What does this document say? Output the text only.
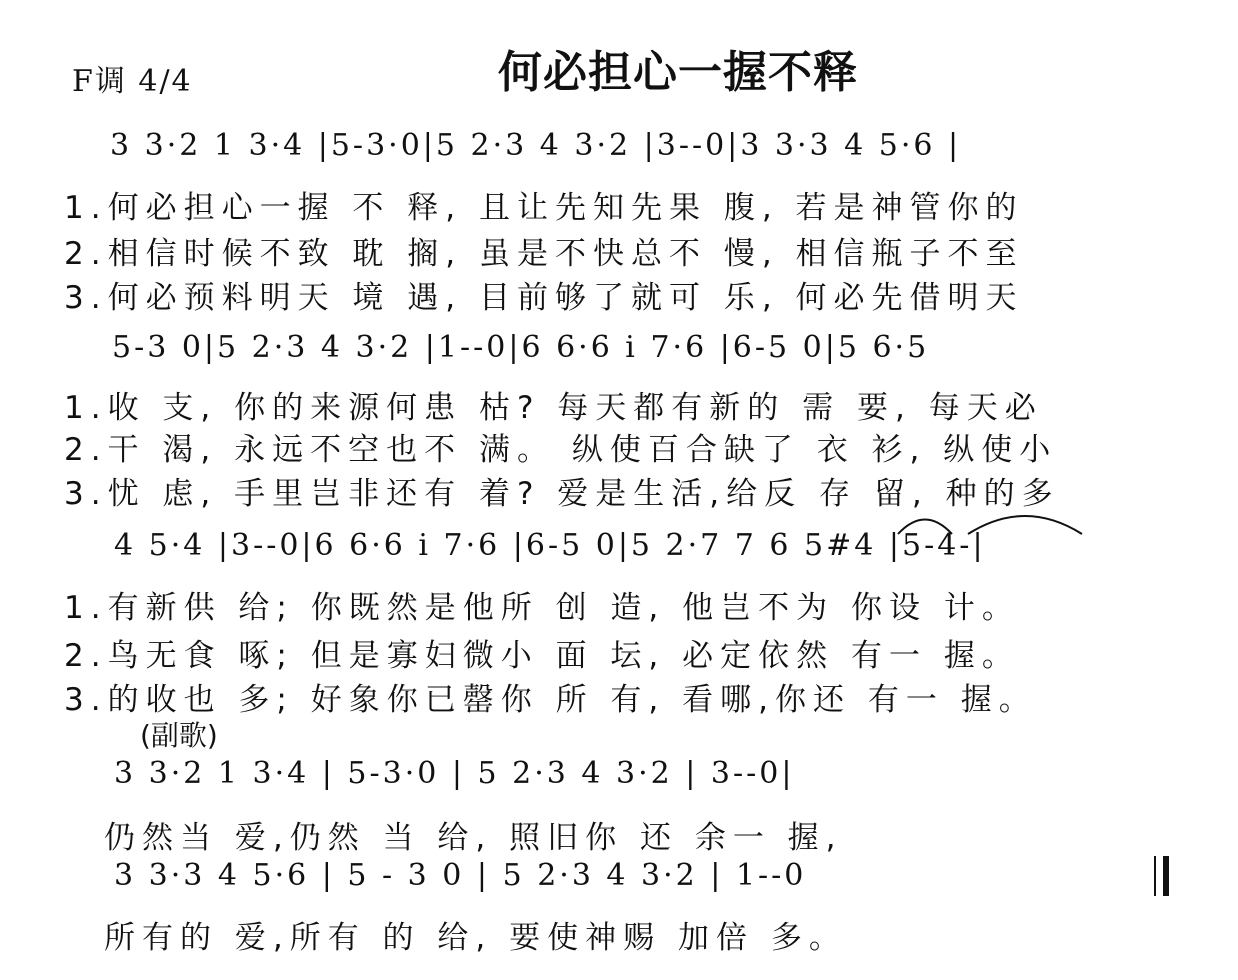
F调 4/4	何必担心一握不释
3 3·2 1 3·4 |5-3·0|5 2·3 4 3·2 |3--0|3 3·3 4 5·6 |
1.何必担心一握 不 释, 且让先知先果 腹, 若是神管你的
2.相信时候不致 耽 搁, 虽是不快总不 慢, 相信瓶子不至
3.何必预料明天 境 遇, 目前够了就可 乐, 何必先借明天
5-3 0|5 2·3 4 3·2 |1--0|6 6·6 i 7·6 |6-5 0|5 6·5
1.收 支, 你的来源何患 枯? 每天都有新的 需 要, 每天必
2.干 渴, 永远不空也不 满。 纵使百合缺了 衣 衫, 纵使小
3.忧 虑, 手里岂非还有 着? 爱是生活,给反 存 留, 种的多
4 5·4 |3--0|6 6·6 i 7·6 |6-5 0|5 2·7 7 6 5#4 |5-4-|
1.有新供 给; 你既然是他所 创 造, 他岂不为 你设 计。
2.鸟无食 啄; 但是寡妇微小 面 坛, 必定依然 有一 握。
3.的收也 多; 好象你已罄你 所 有, 看哪,你还 有一 握。
(副歌)
3 3·2 1 3·4 | 5-3·0 | 5 2·3 4 3·2 | 3--0|
仍然当 爱,仍然 当 给, 照旧你 还 余一 握,
3 3·3 4 5·6 | 5 - 3 0 | 5 2·3 4 3·2 | 1--0
所有的 爱,所有 的 给, 要使神赐 加倍 多。
